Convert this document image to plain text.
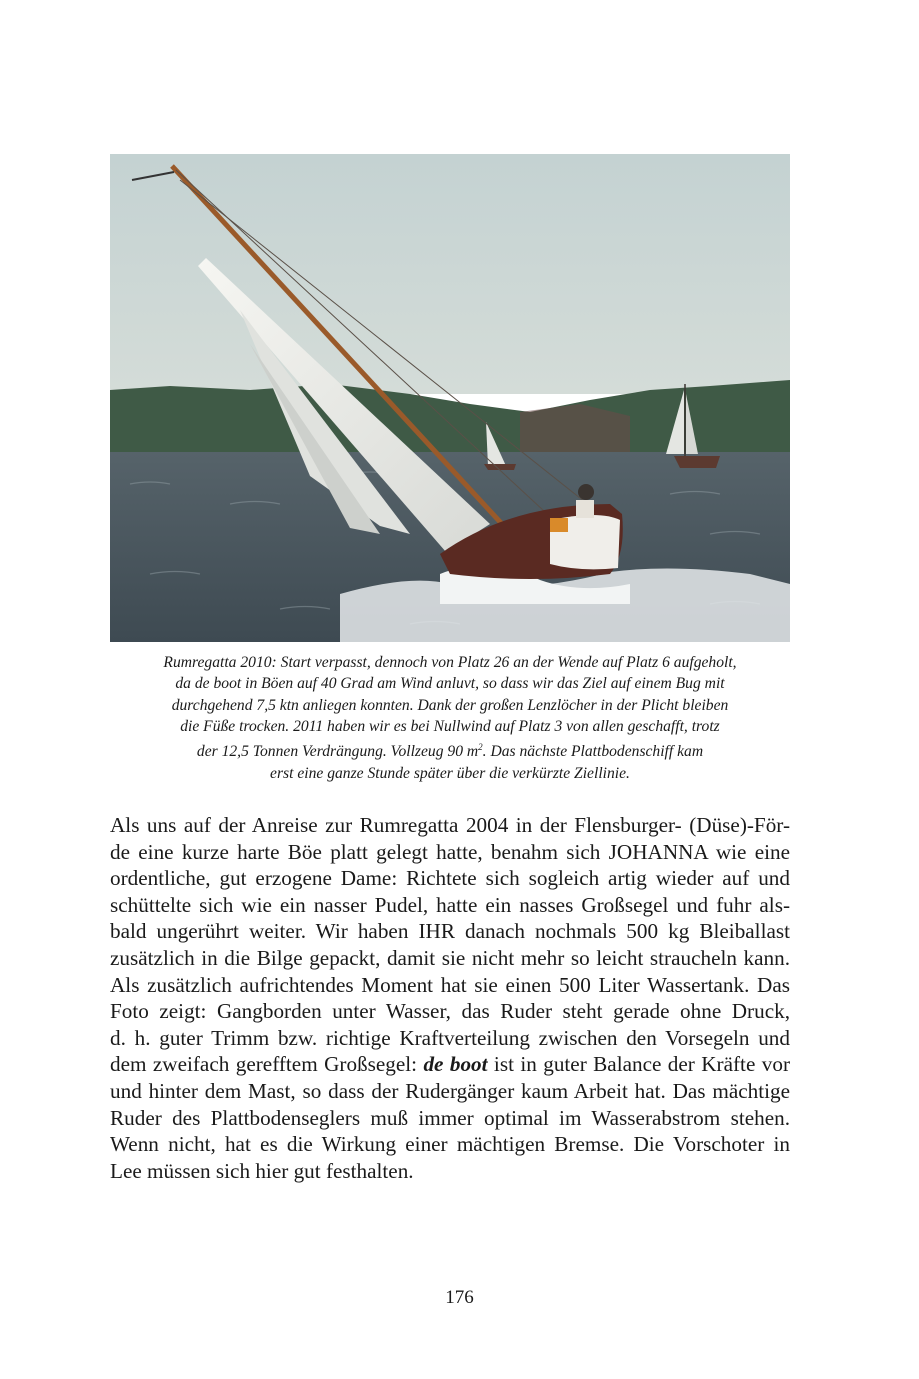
Rumregatta 2010: Start verpasst, dennoch von Platz 26 an der Wende auf Platz 6 aufgeholt,
da de boot in Böen auf 40 Grad am Wind anluvt, so dass wir das Ziel auf einem Bug mit
durchgehend 7,5 ktn anliegen konnten. Dank der großen Lenzlöcher in der Plicht bleiben
die Füße trocken. 2011 haben wir es bei Nullwind auf Platz 3 von allen geschafft, trotz
der 12,5 Tonnen Verdrängung. Vollzeug 90 $m^2$. Das nächste Plattbodenschiff kam
erst eine ganze Stunde später über die verkürzte Ziellinie.
Als uns auf der Anreise zur Rumregatta 2004 in der Flensburger- (Düse)-För-
de eine kurze harte Böe platt gelegt hatte, benahm sich JOHANNA wie eine
ordentliche, gut erzogene Dame: Richtete sich sogleich artig wieder auf und
schüttelte sich wie ein nasser Pudel, hatte ein nasses Großsegel und fuhr als-
bald ungerührt weiter. Wir haben IHR danach nochmals 500 kg Bleiballast
zusätzlich in die Bilge gepackt, damit sie nicht mehr so leicht straucheln kann.
Als zusätzlich aufrichtendes Moment hat sie einen 500 Liter Wassertank. Das
Foto zeigt: Gangborden unter Wasser, das Ruder steht gerade ohne Druck,
d. h. guter Trimm bzw. richtige Kraftverteilung zwischen den Vorsegeln und
dem zweifach gerefftem Großsegel: de boot ist in guter Balance der Kräfte vor
und hinter dem Mast, so dass der Rudergänger kaum Arbeit hat. Das mächtige
Ruder des Plattbodenseglers muß immer optimal im Wasserabstrom stehen.
Wenn nicht, hat es die Wirkung einer mächtigen Bremse. Die Vorschoter in
Lee müssen sich hier gut festhalten.
176
